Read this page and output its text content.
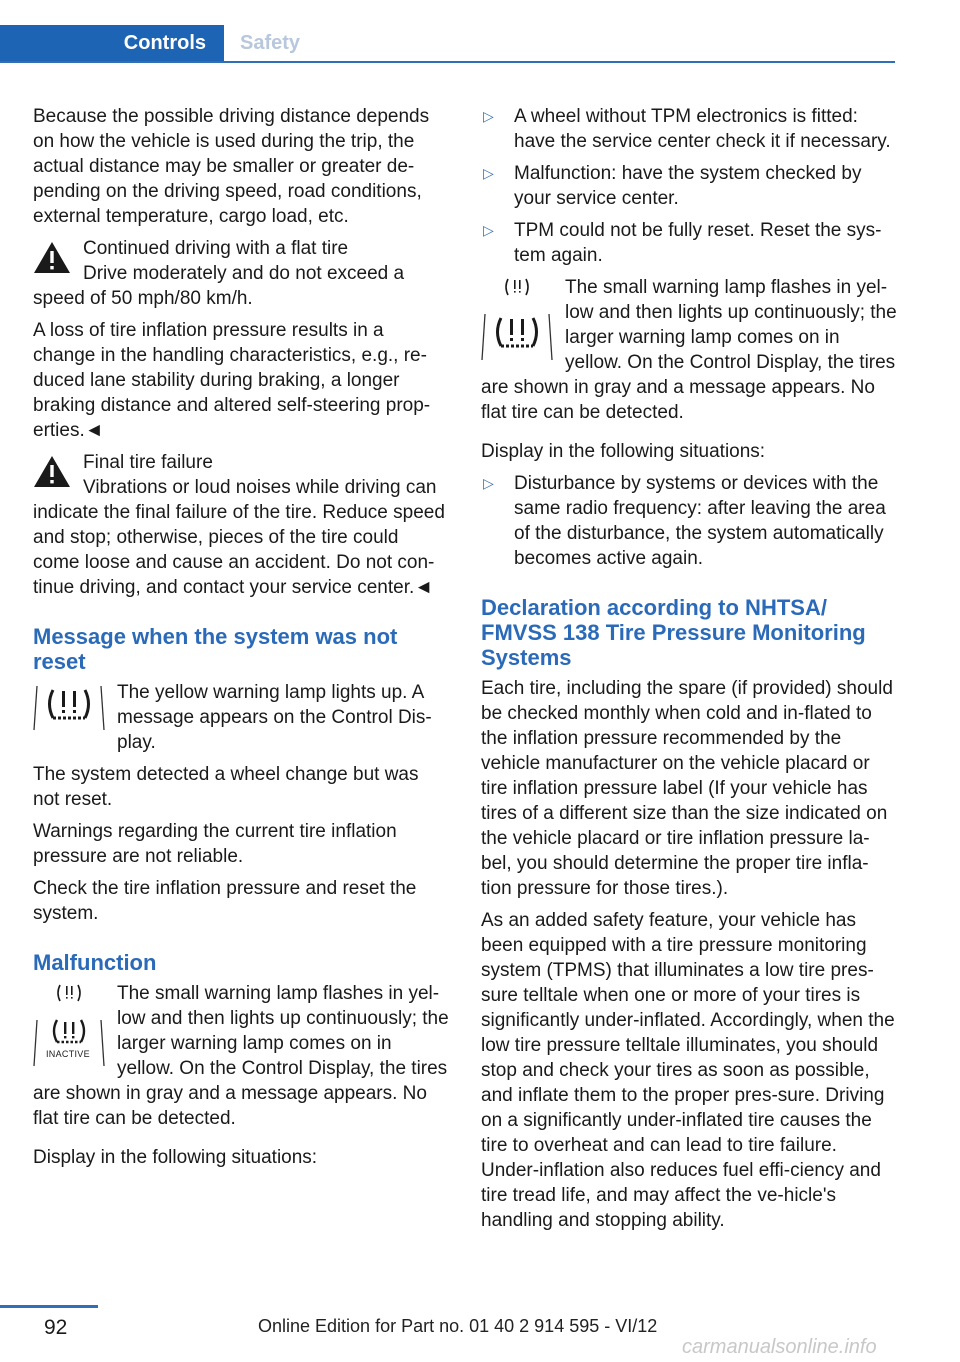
Controls	Safety

Because the possible driving distance depends on how the vehicle is used during the trip, the actual distance may be smaller or greater de‐pending on the driving speed, road conditions, external temperature, cargo load, etc.

Continued driving with a flat tire

Drive moderately and do not exceed a speed of 50 mph/80 km/h.

A loss of tire inflation pressure results in a change in the handling characteristics, e.g., re‐duced lane stability during braking, a longer braking distance and altered self-steering prop‐erties.◄

Final tire failure

Vibrations or loud noises while driving can indicate the final failure of the tire. Reduce speed and stop; otherwise, pieces of the tire could come loose and cause an accident. Do not con‐tinue driving, and contact your service center.◄

Message when the system was not reset
The yellow warning lamp lights up. A message appears on the Control Dis‐play.

The system detected a wheel change but was not reset.

Warnings regarding the current tire inflation pressure are not reliable.

Check the tire inflation pressure and reset the system.

Malfunction
INACTIVE
The small warning lamp flashes in yel‐low and then lights up continuously; the larger warning lamp comes on in yellow. On the Control Display, the tires are shown in gray and a message appears. No flat tire can be detected.

Display in the following situations:

▷ A wheel without TPM electronics is fitted: have the service center check it if necessary.
▷ Malfunction: have the system checked by your service center.
▷ TPM could not be fully reset. Reset the sys‐tem again.

The small warning lamp flashes in yel‐low and then lights up continuously; the larger warning lamp comes on in yellow. On the Control Display, the tires are shown in gray and a message appears. No flat tire can be detected.

Display in the following situations:

▷ Disturbance by systems or devices with the same radio frequency: after leaving the area of the disturbance, the system automatically becomes active again.
Declaration according to NHTSA/ FMVSS 138 Tire Pressure Monitoring Systems

Each tire, including the spare (if provided) should be checked monthly when cold and in‐flated to the inflation pressure recommended by the vehicle manufacturer on the vehicle placard or tire inflation pressure label (If your vehicle has tires of a different size than the size indicated on the vehicle placard or tire inflation pressure la‐bel, you should determine the proper tire infla‐tion pressure for those tires.).

As an added safety feature, your vehicle has been equipped with a tire pressure monitoring system (TPMS) that illuminates a low tire pres‐sure telltale when one or more of your tires is significantly under-inflated. Accordingly, when the low tire pressure telltale illuminates, you should stop and check your tires as soon as possible, and inflate them to the proper pres‐sure. Driving on a significantly under-inflated tire causes the tire to overheat and can lead to tire failure. Under-inflation also reduces fuel effi‐ciency and tire tread life, and may affect the ve‐hicle's handling and stopping ability.

92	Online Edition for Part no. 01 40 2 914 595 - VI/12
carmanualsonline.info
